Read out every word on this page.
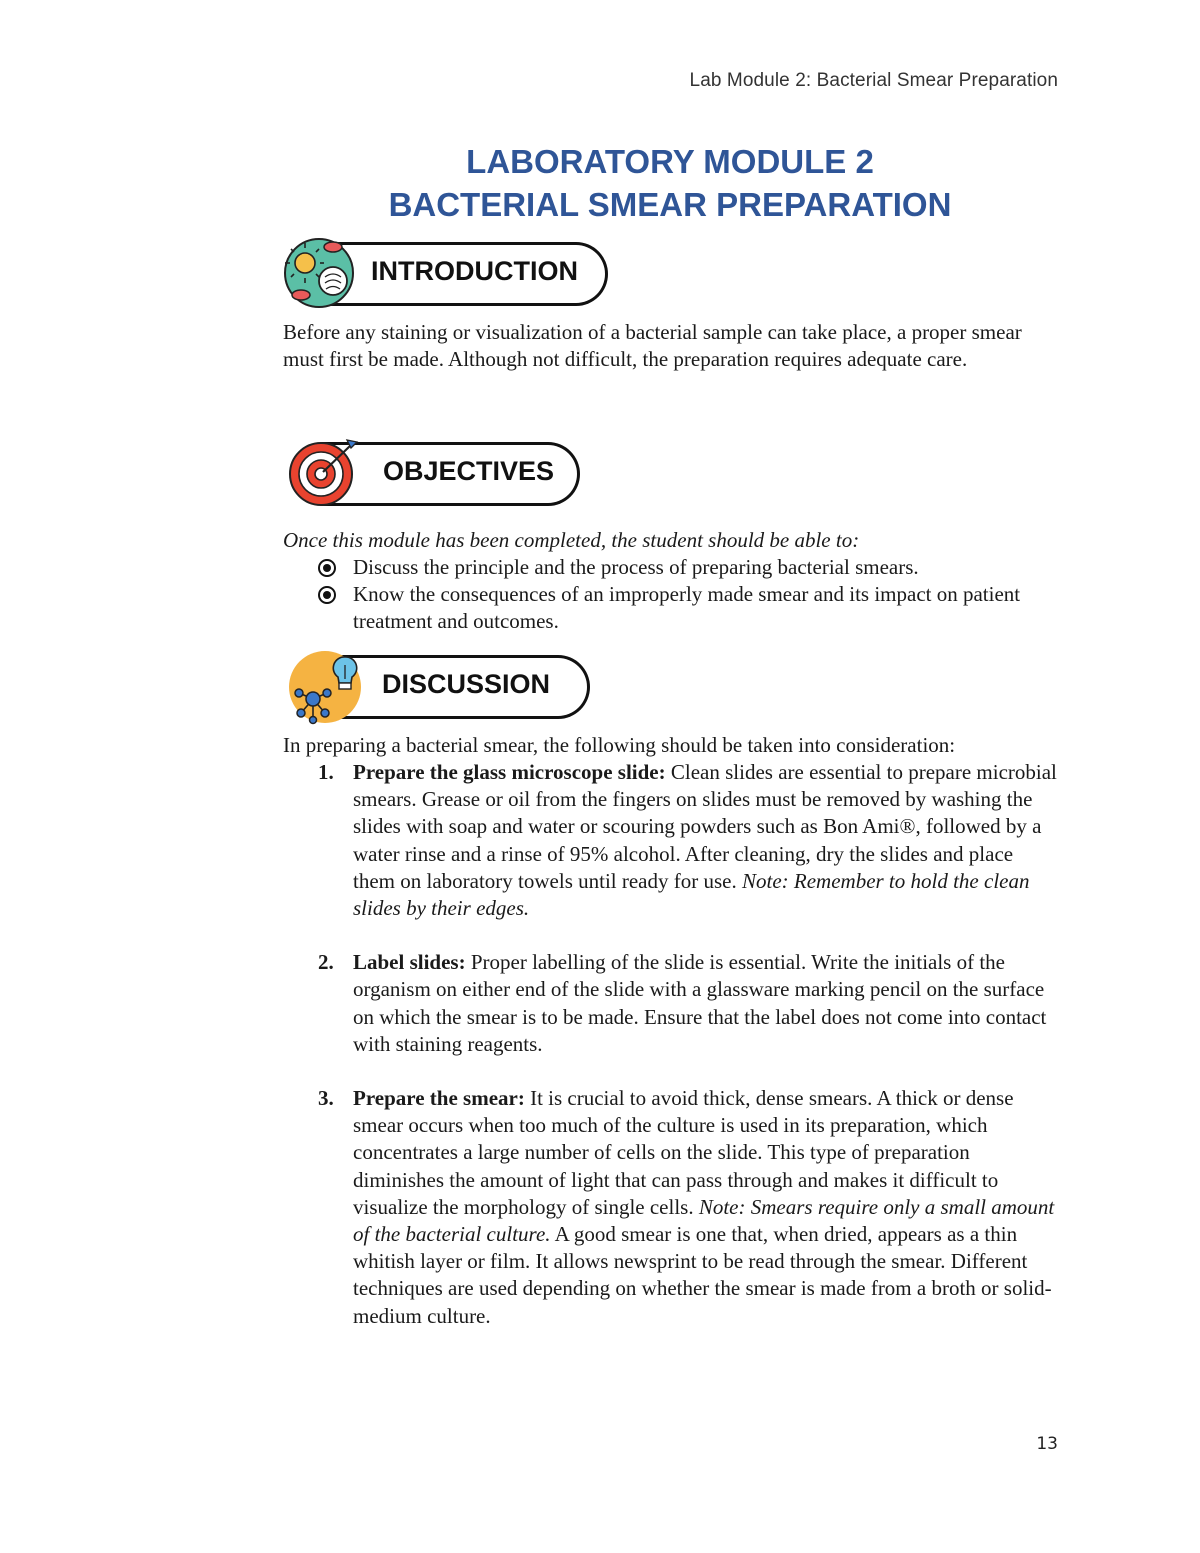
Lab Module 2: Bacterial Smear Preparation
LABORATORY MODULE 2
BACTERIAL SMEAR PREPARATION
INTRODUCTION
Before any staining or visualization of a bacterial sample can take place, a proper smear must first be made. Although not difficult, the preparation requires adequate care.
OBJECTIVES
Once this module has been completed, the student should be able to:
Discuss the principle and the process of preparing bacterial smears.
Know the consequences of an improperly made smear and its impact on patient treatment and outcomes.
DISCUSSION
In preparing a bacterial smear, the following should be taken into consideration:
1. Prepare the glass microscope slide: Clean slides are essential to prepare microbial smears. Grease or oil from the fingers on slides must be removed by washing the slides with soap and water or scouring powders such as Bon Ami®, followed by a water rinse and a rinse of 95% alcohol. After cleaning, dry the slides and place them on laboratory towels until ready for use. Note: Remember to hold the clean slides by their edges.
2. Label slides: Proper labelling of the slide is essential. Write the initials of the organism on either end of the slide with a glassware marking pencil on the surface on which the smear is to be made. Ensure that the label does not come into contact with staining reagents.
3. Prepare the smear: It is crucial to avoid thick, dense smears. A thick or dense smear occurs when too much of the culture is used in its preparation, which concentrates a large number of cells on the slide. This type of preparation diminishes the amount of light that can pass through and makes it difficult to visualize the morphology of single cells. Note: Smears require only a small amount of the bacterial culture. A good smear is one that, when dried, appears as a thin whitish layer or film. It allows newsprint to be read through the smear. Different techniques are used depending on whether the smear is made from a broth or solid-medium culture.
13
